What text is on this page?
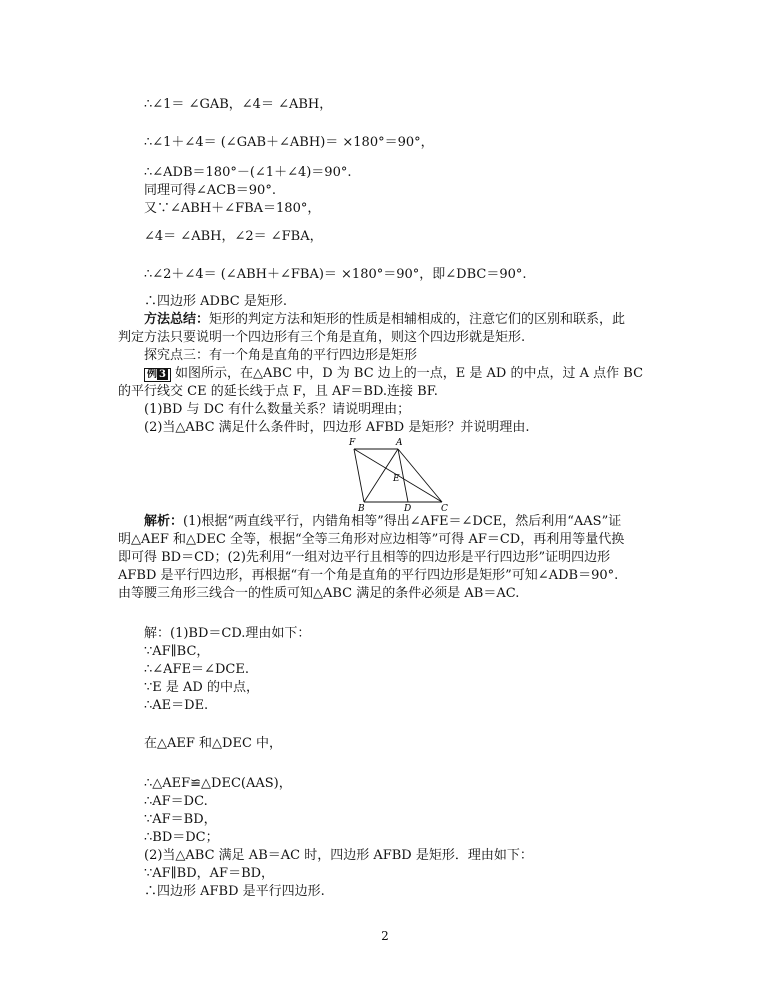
∴∠1＝ ∠GAB，∠4＝ ∠ABH，
∴∠1＋∠4＝ (∠GAB＋∠ABH)＝ ×180°＝90°，
∴∠ADB＝180°－(∠1＋∠4)＝90°.
同理可得∠ACB＝90°.
又∵∠ABH＋∠FBA＝180°，
∠4＝ ∠ABH，∠2＝ ∠FBA，
∴∠2＋∠4＝ (∠ABH＋∠FBA)＝ ×180°＝90°，即∠DBC＝90°.
∴四边形 ADBC 是矩形.
方法总结：矩形的判定方法和矩形的性质是相辅相成的，注意它们的区别和联系，此
判定方法只要说明一个四边形有三个角是直角，则这个四边形就是矩形.
探究点三：有一个角是直角的平行四边形是矩形
例 3 如图所示，在△ABC 中，D 为 BC 边上的一点，E 是 AD 的中点，过 A 点作 BC
的平行线交 CE 的延长线于点 F，且 AF＝BD.连接 BF.
(1)BD 与 DC 有什么数量关系？请说明理由；
(2)当△ABC 满足什么条件时，四边形 AFBD 是矩形？并说明理由.
F	A
E
B	D	C
解析：(1)根据“两直线平行，内错角相等”得出∠AFE＝∠DCE，然后利用“AAS”证
明△AEF 和△DEC 全等，根据“全等三角形对应边相等”可得 AF＝CD，再利用等量代换
即可得 BD＝CD；(2)先利用“一组对边平行且相等的四边形是平行四边形”证明四边形
AFBD 是平行四边形，再根据“有一个角是直角的平行四边形是矩形”可知∠ADB＝90°.
由等腰三角形三线合一的性质可知△ABC 满足的条件必须是 AB＝AC.
解：(1)BD＝CD.理由如下：
∵AF∥BC，
∴∠AFE＝∠DCE.
∵E 是 AD 的中点，
∴AE＝DE.
在△AEF 和△DEC 中，
∴△AEF≌△DEC(AAS)，
∴AF＝DC.
∵AF＝BD，
∴BD＝DC；
(2)当△ABC 满足 AB＝AC 时，四边形 AFBD 是矩形．理由如下：
∵AF∥BD，AF＝BD，
∴四边形 AFBD 是平行四边形.
2
